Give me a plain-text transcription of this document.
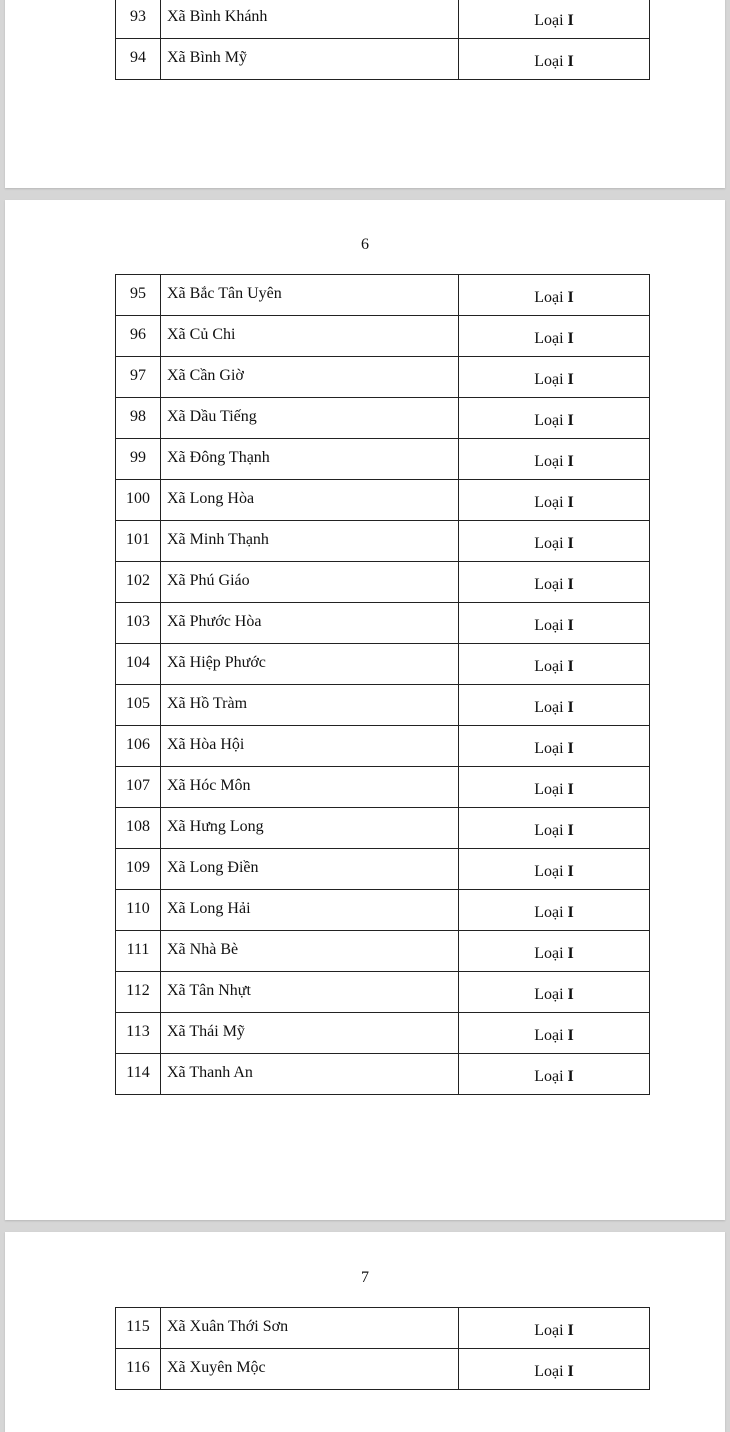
93	Xã Bình Khánh	Loại I
94	Xã Bình Mỹ	Loại I
6
95	Xã Bắc Tân Uyên	Loại I
96	Xã Củ Chi	Loại I
97	Xã Cần Giờ	Loại I
98	Xã Dầu Tiếng	Loại I
99	Xã Đông Thạnh	Loại I
100	Xã Long Hòa	Loại I
101	Xã Minh Thạnh	Loại I
102	Xã Phú Giáo	Loại I
103	Xã Phước Hòa	Loại I
104	Xã Hiệp Phước	Loại I
105	Xã Hồ Tràm	Loại I
106	Xã Hòa Hội	Loại I
107	Xã Hóc Môn	Loại I
108	Xã Hưng Long	Loại I
109	Xã Long Điền	Loại I
110	Xã Long Hải	Loại I
111	Xã Nhà Bè	Loại I
112	Xã Tân Nhựt	Loại I
113	Xã Thái Mỹ	Loại I
114	Xã Thanh An	Loại I
7
115	Xã Xuân Thới Sơn	Loại I
116	Xã Xuyên Mộc	Loại I
